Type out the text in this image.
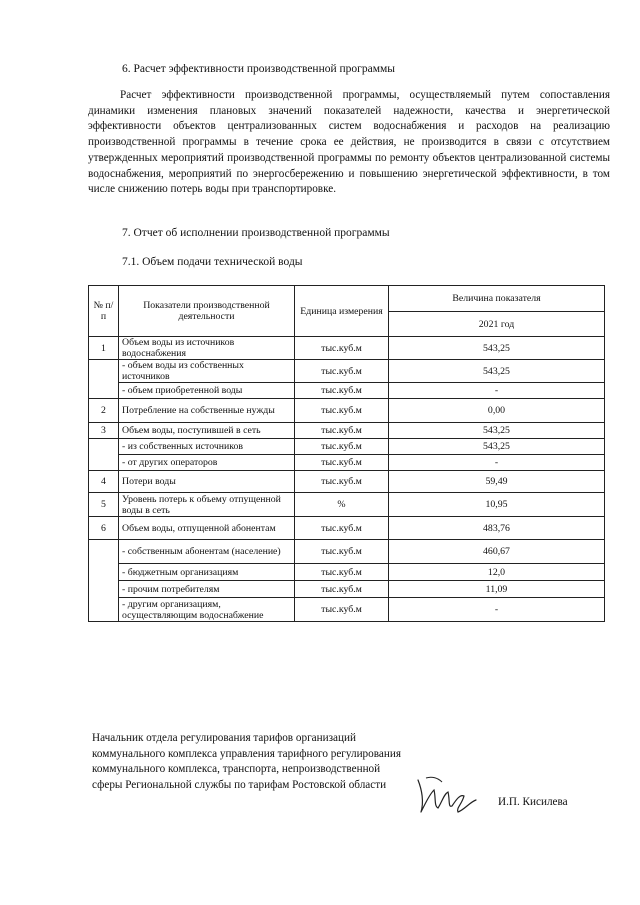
6. Расчет эффективности производственной программы
Расчет эффективности производственной программы, осуществляемый путем сопоставления динамики изменения плановых значений показателей надежности, качества и энергетической эффективности объектов централизованных систем водоснабжения и расходов на реализацию производственной программы в течение срока ее действия, не производится в связи с отсутствием утвержденных мероприятий производственной программы по ремонту объектов централизованной системы водоснабжения, мероприятий по энергосбережению и повышению энергетической эффективности, в том числе снижению потерь воды при транспортировке.
7. Отчет об исполнении производственной программы
7.1. Объем подачи технической воды
№ п/п	Показатели производственной деятельности	Единица измерения	Величина показателя
			2021 год
1	Объем воды из источников водоснабжения	тыс.куб.м	543,25
	- объем воды из собственных источников	тыс.куб.м	543,25
	- объем приобретенной воды	тыс.куб.м	-
2	Потребление на собственные нужды	тыс.куб.м	0,00
3	Объем воды, поступившей в сеть	тыс.куб.м	543,25
	- из собственных источников	тыс.куб.м	543,25
	- от других операторов	тыс.куб.м	-
4	Потери воды	тыс.куб.м	59,49
5	Уровень потерь к объему отпущенной воды в сеть	%	10,95
6	Объем воды, отпущенной абонентам	тыс.куб.м	483,76
	- собственным абонентам (население)	тыс.куб.м	460,67
	- бюджетным организациям	тыс.куб.м	12,0
	- прочим потребителям	тыс.куб.м	11,09
	- другим организациям, осуществляющим водоснабжение	тыс.куб.м	-
Начальник отдела регулирования тарифов организаций коммунального комплекса управления тарифного регулирования коммунального комплекса, транспорта, непроизводственной сферы Региональной службы по тарифам Ростовской области
И.П. Кисилева
